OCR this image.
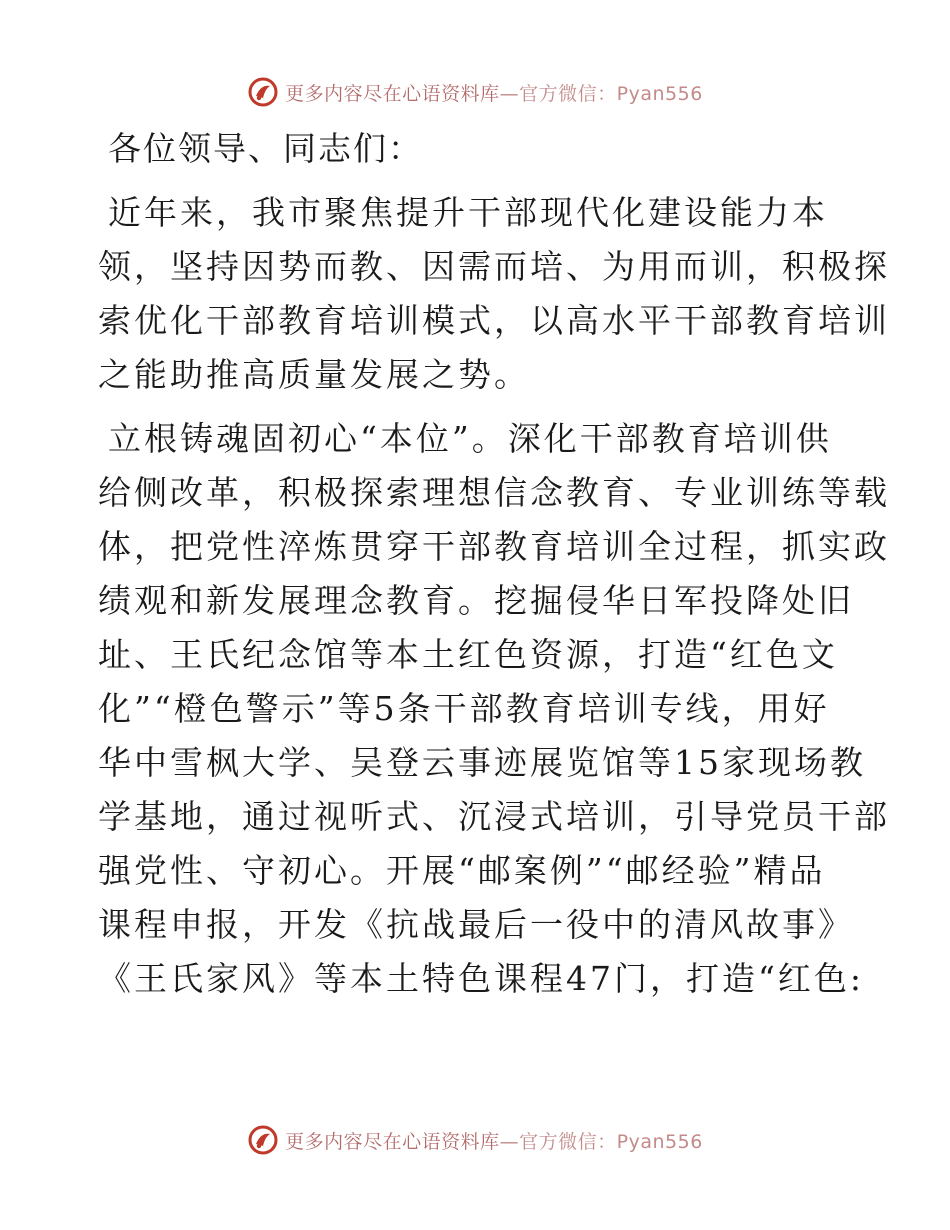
更多内容尽在心语资料库—官方微信：Pyan556
各位领导、同志们：
近年来，我市聚焦提升干部现代化建设能力本
领，坚持因势而教、因需而培、为用而训，积极探
索优化干部教育培训模式，以高水平干部教育培训
之能助推高质量发展之势。
立根铸魂固初心“本位”。深化干部教育培训供
给侧改革，积极探索理想信念教育、专业训练等载
体，把党性淬炼贯穿干部教育培训全过程，抓实政
绩观和新发展理念教育。挖掘侵华日军投降处旧
址、王氏纪念馆等本土红色资源，打造“红色文
化”“橙色警示”等5条干部教育培训专线，用好
华中雪枫大学、吴登云事迹展览馆等15家现场教
学基地，通过视听式、沉浸式培训，引导党员干部
强党性、守初心。开展“邮案例”“邮经验”精品
课程申报，开发《抗战最后一役中的清风故事》
《王氏家风》等本土特色课程47门，打造“红色:
更多内容尽在心语资料库—官方微信：Pyan556
